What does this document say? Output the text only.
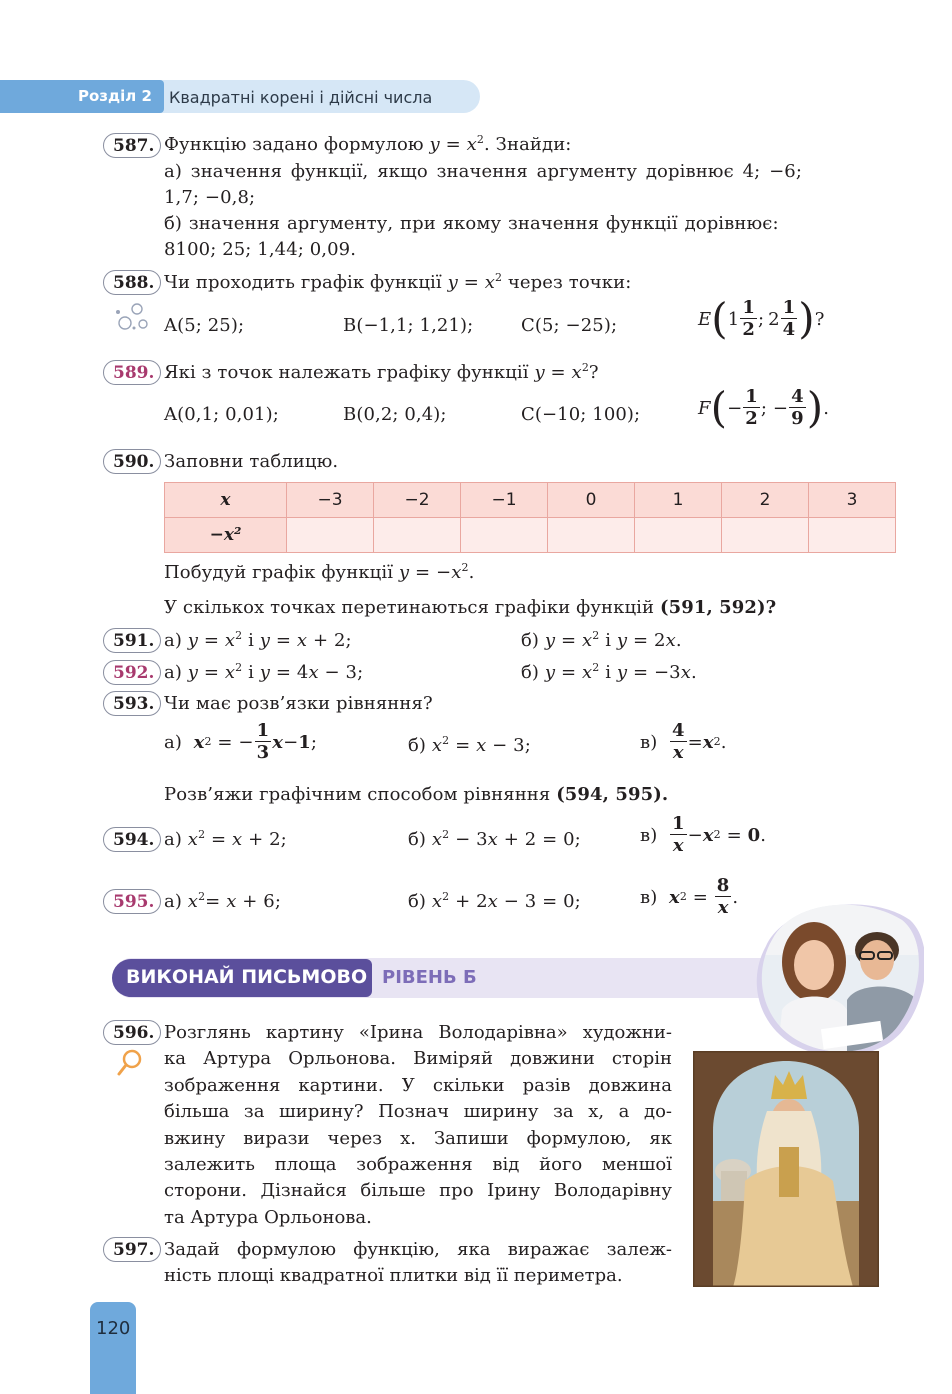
Розділ 2 Квадратні корені і дійсні числа
587. Функцію задано формулою $y = x^2$. Знайди:
а) значення функції, якщо значення аргументу дорівнює 4; −6;
1,7; −0,8;
б) значення аргументу, при якому значення функції дорівнює:
8100; 25; 1,44; 0,09.
588. Чи проходить графік функції $y = x^2$ через точки:
A(5; 25);	B(−1,1; 1,21);	C(5; −25);	E ( $1 \frac{1}{2}$ ; $2 \frac{1}{4}$ ) ?
589. Які з точок належать графіку функції $y = x^2$?
A(0,1; 0,01);	B(0,2; 0,4);	C(−10; 100);	F ( − $\frac{1}{2}$ ; − $\frac{4}{9}$ ) .
590. Заповни таблицю.
x	−3	−2	−1	0	1	2	3
−x²							
Побудуй графік функції $y = -x^2$.
У скількох точках перетинаються графіки функцій (591, 592)?
591. а) $y = x^2$ і y = x + 2;	б) $y = x^2$ і y = 2x.
592. а) $y = x^2$ і y = 4x − 3;	б) $y = x^2$ і y = −3x.
593. Чи має розв’язки рівняння?
а)
x 2 = − $\frac{1}{3}$ x − 1 ;	б) $x^2 = x - 3$;	в)
$\frac{4}{x} = x$ 2 .
Розв’яжи графічним способом рівняння (594, 595).
594. а) $x^2 = x + 2$;	б) $x^2 - 3x + 2 = 0$;	в)
$\frac{1}{x} - x$ 2 = 0 .
595. а) $x^2= x + 6$;	б) $x^2 + 2x - 3 = 0$;	в)
x $2 = \frac{8}{x}$ .
ВИКОНАЙ ПИСЬМОВО РІВЕНЬ Б
596. Розглянь картину «Ірина Володарівна» художни-
ка Артура Орльонова. Виміряй довжини сторін
зображення картини. У скільки разів довжина
більша за ширину? Познач ширину за x, а до-
вжину вирази через x. Запиши формулою, як
залежить площа зображення від його меншої
сторони. Дізнайся більше про Ірину Володарівну
та Артура Орльонова.
597. Задай формулою функцію, яка виражає залеж-
ність площі квадратної плитки від її периметра.
120
